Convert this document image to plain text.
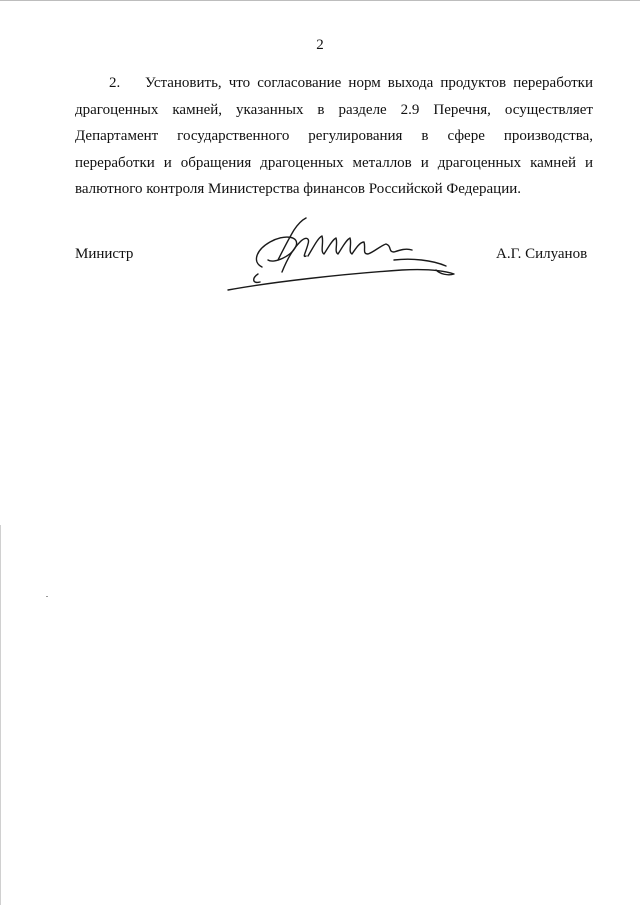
2
2. Установить, что согласование норм выхода продуктов переработки
драгоценных камней, указанных в разделе 2.9 Перечня, осуществляет
Департамент государственного регулирования в сфере производства,
переработки и обращения драгоценных металлов и драгоценных камней и
валютного контроля Министерства финансов Российской Федерации.
Министр	А.Г. Силуанов
